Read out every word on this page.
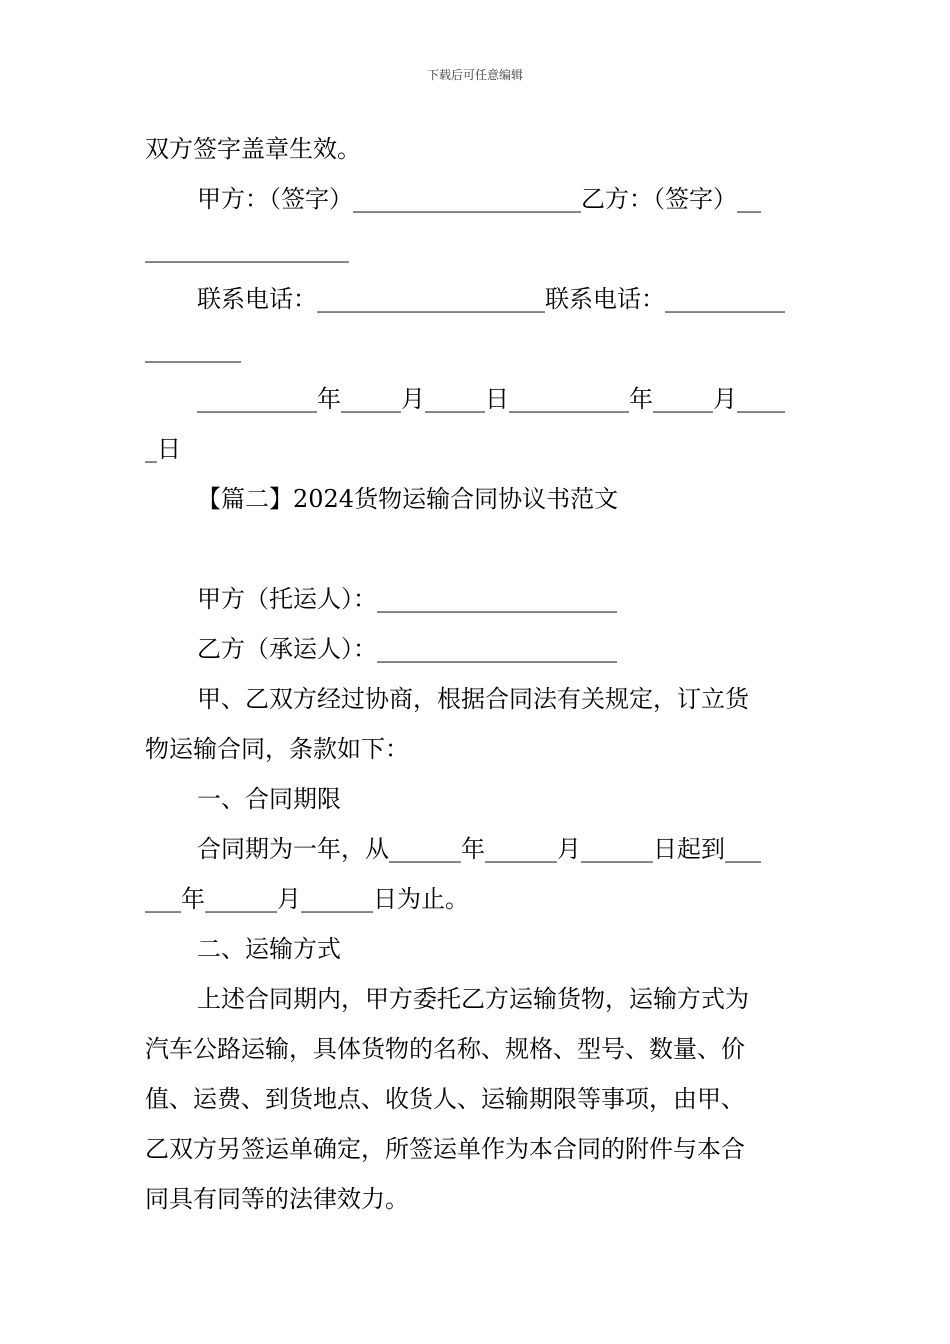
下载后可任意编辑
双方签字盖章生效。
甲方：（签字）___________________乙方：（签字）__
_________________
联系电话：___________________联系电话：__________
________
__________年_____月_____日__________年_____月____
_日
【篇二】2024货物运输合同协议书范文
甲方（托运人）：____________________
乙方（承运人）：____________________
甲、乙双方经过协商，根据合同法有关规定，订立货
物运输合同，条款如下：
一、合同期限
合同期为一年，从______年______月______日起到___
___年______月______日为止。
二、运输方式
上述合同期内，甲方委托乙方运输货物，运输方式为
汽车公路运输，具体货物的名称、规格、型号、数量、价
值、运费、到货地点、收货人、运输期限等事项，由甲、
乙双方另签运单确定，所签运单作为本合同的附件与本合
同具有同等的法律效力。
